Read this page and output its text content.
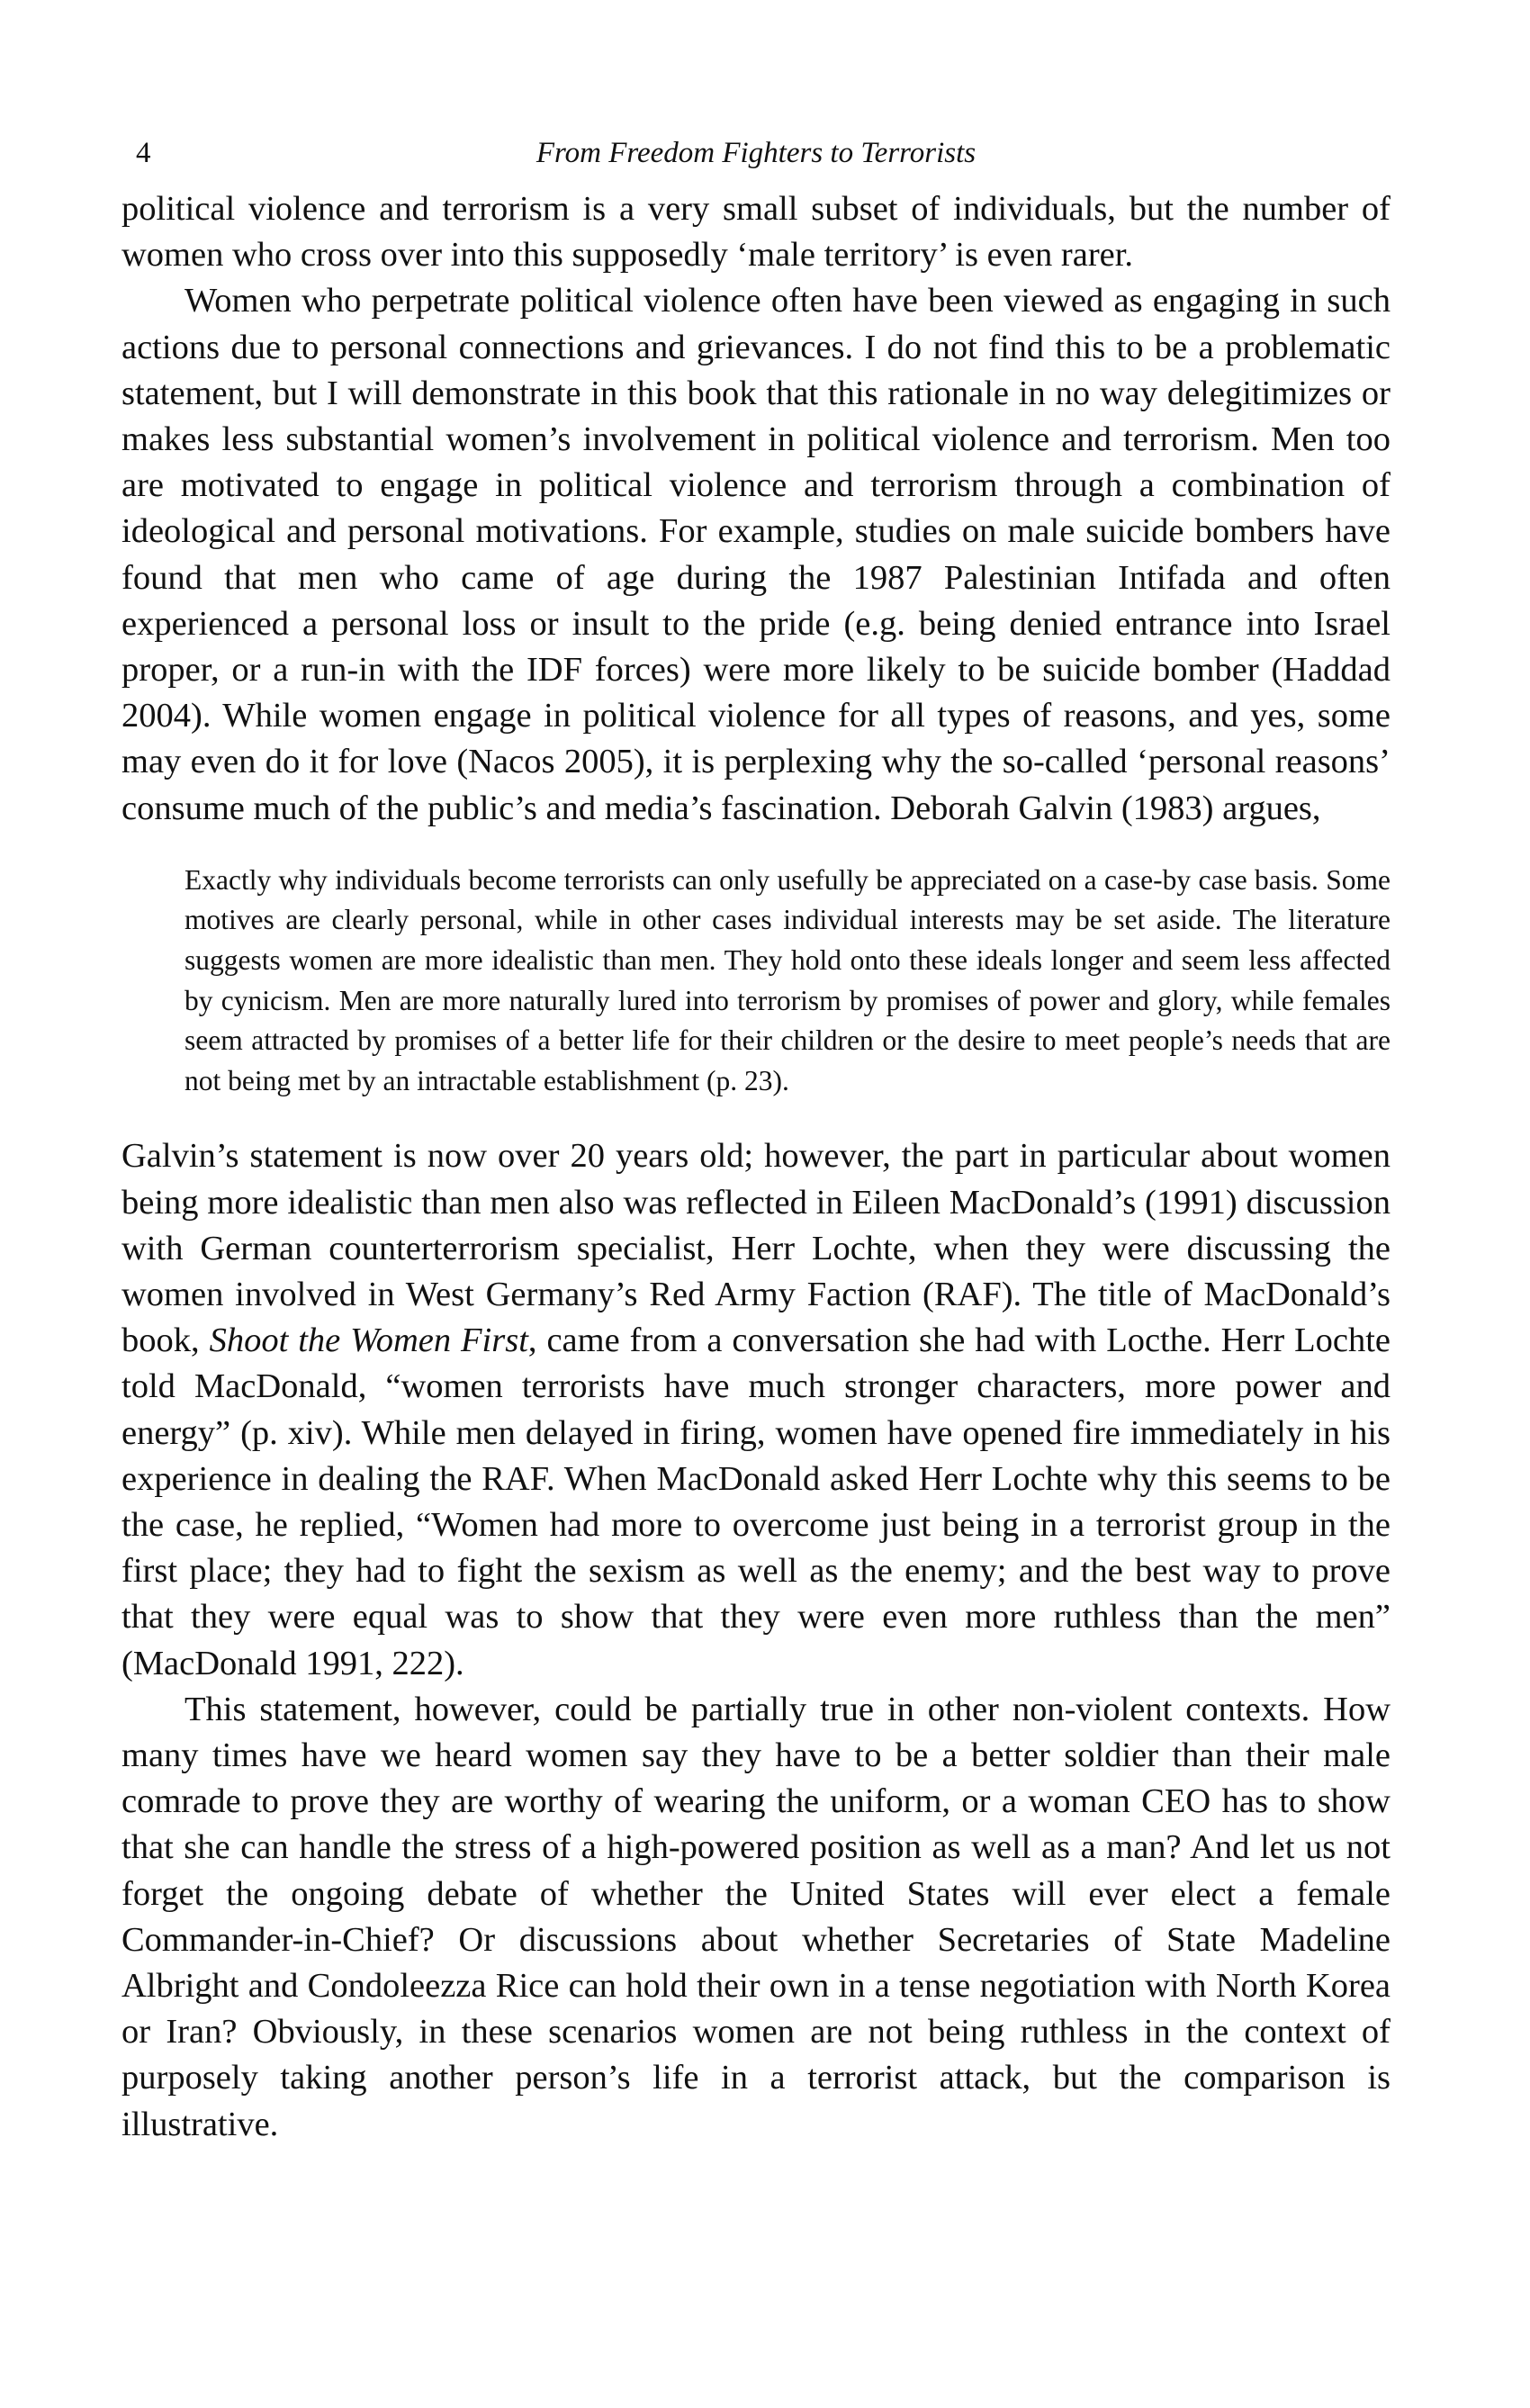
4	From Freedom Fighters to Terrorists

political violence and terrorism is a very small subset of individuals, but the number of women who cross over into this supposedly ‘male territory’ is even rarer.

Women who perpetrate political violence often have been viewed as engaging in such actions due to personal connections and grievances. I do not find this to be a problematic statement, but I will demonstrate in this book that this rationale in no way delegitimizes or makes less substantial women’s involvement in political violence and terrorism. Men too are motivated to engage in political violence and terrorism through a combination of ideological and personal motivations. For example, studies on male suicide bombers have found that men who came of age during the 1987 Palestinian Intifada and often experienced a personal loss or insult to the pride (e.g. being denied entrance into Israel proper, or a run-in with the IDF forces) were more likely to be suicide bomber (Haddad 2004). While women engage in political violence for all types of reasons, and yes, some may even do it for love (Nacos 2005), it is perplexing why the so-called ‘personal reasons’ consume much of the public’s and media’s fascination. Deborah Galvin (1983) argues,

Exactly why individuals become terrorists can only usefully be appreciated on a case-by case basis. Some motives are clearly personal, while in other cases individual interests may be set aside. The literature suggests women are more idealistic than men. They hold onto these ideals longer and seem less affected by cynicism. Men are more naturally lured into terrorism by promises of power and glory, while females seem attracted by promises of a better life for their children or the desire to meet people’s needs that are not being met by an intractable establishment (p. 23).

Galvin’s statement is now over 20 years old; however, the part in particular about women being more idealistic than men also was reflected in Eileen MacDonald’s (1991) discussion with German counterterrorism specialist, Herr Lochte, when they were discussing the women involved in West Germany’s Red Army Faction (RAF). The title of MacDonald’s book, Shoot the Women First, came from a conversation she had with Locthe. Herr Lochte told MacDonald, “women terrorists have much stronger characters, more power and energy” (p. xiv). While men delayed in firing, women have opened fire immediately in his experience in dealing the RAF. When MacDonald asked Herr Lochte why this seems to be the case, he replied, “Women had more to overcome just being in a terrorist group in the first place; they had to fight the sexism as well as the enemy; and the best way to prove that they were equal was to show that they were even more ruthless than the men” (MacDonald 1991, 222).

This statement, however, could be partially true in other non-violent contexts. How many times have we heard women say they have to be a better soldier than their male comrade to prove they are worthy of wearing the uniform, or a woman CEO has to show that she can handle the stress of a high-powered position as well as a man? And let us not forget the ongoing debate of whether the United States will ever elect a female Commander-in-Chief? Or discussions about whether Secretaries of State Madeline Albright and Condoleezza Rice can hold their own in a tense negotiation with North Korea or Iran? Obviously, in these scenarios women are not being ruthless in the context of purposely taking another person’s life in a terrorist attack, but the comparison is illustrative.
